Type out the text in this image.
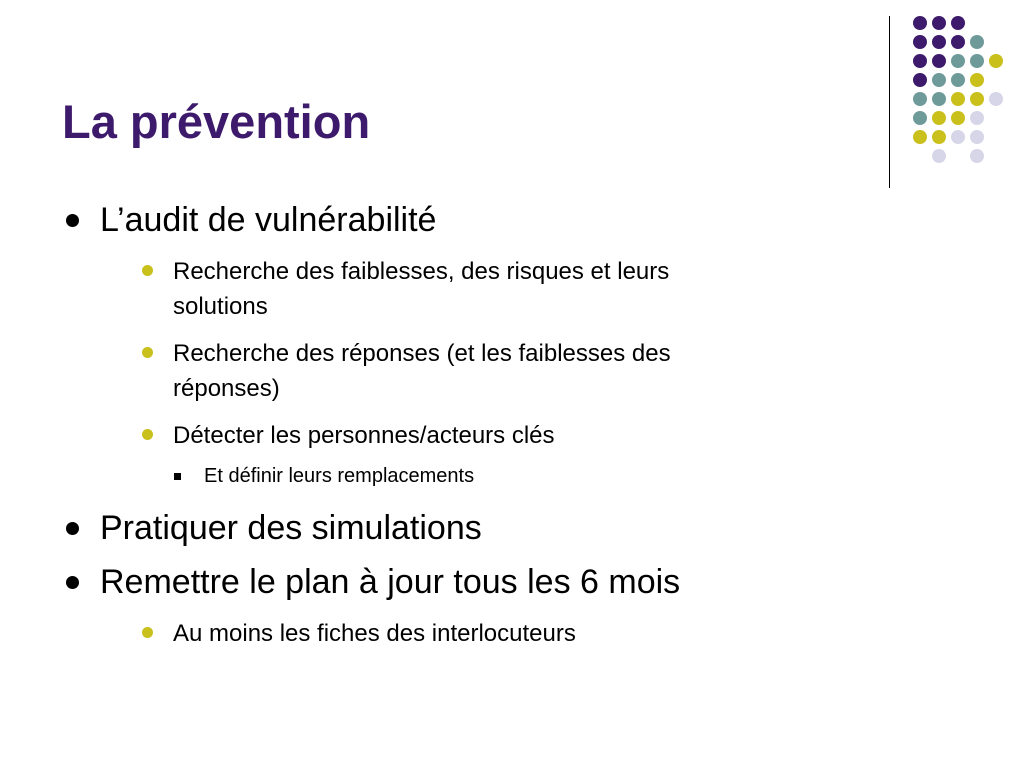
La prévention
L’audit de vulnérabilité
Recherche des faiblesses, des risques et leurs
solutions
Recherche des réponses (et les faiblesses des
réponses)
Détecter les personnes/acteurs clés
Et définir leurs remplacements
Pratiquer des simulations
Remettre le plan à jour tous les 6 mois
Au moins les fiches des interlocuteurs
